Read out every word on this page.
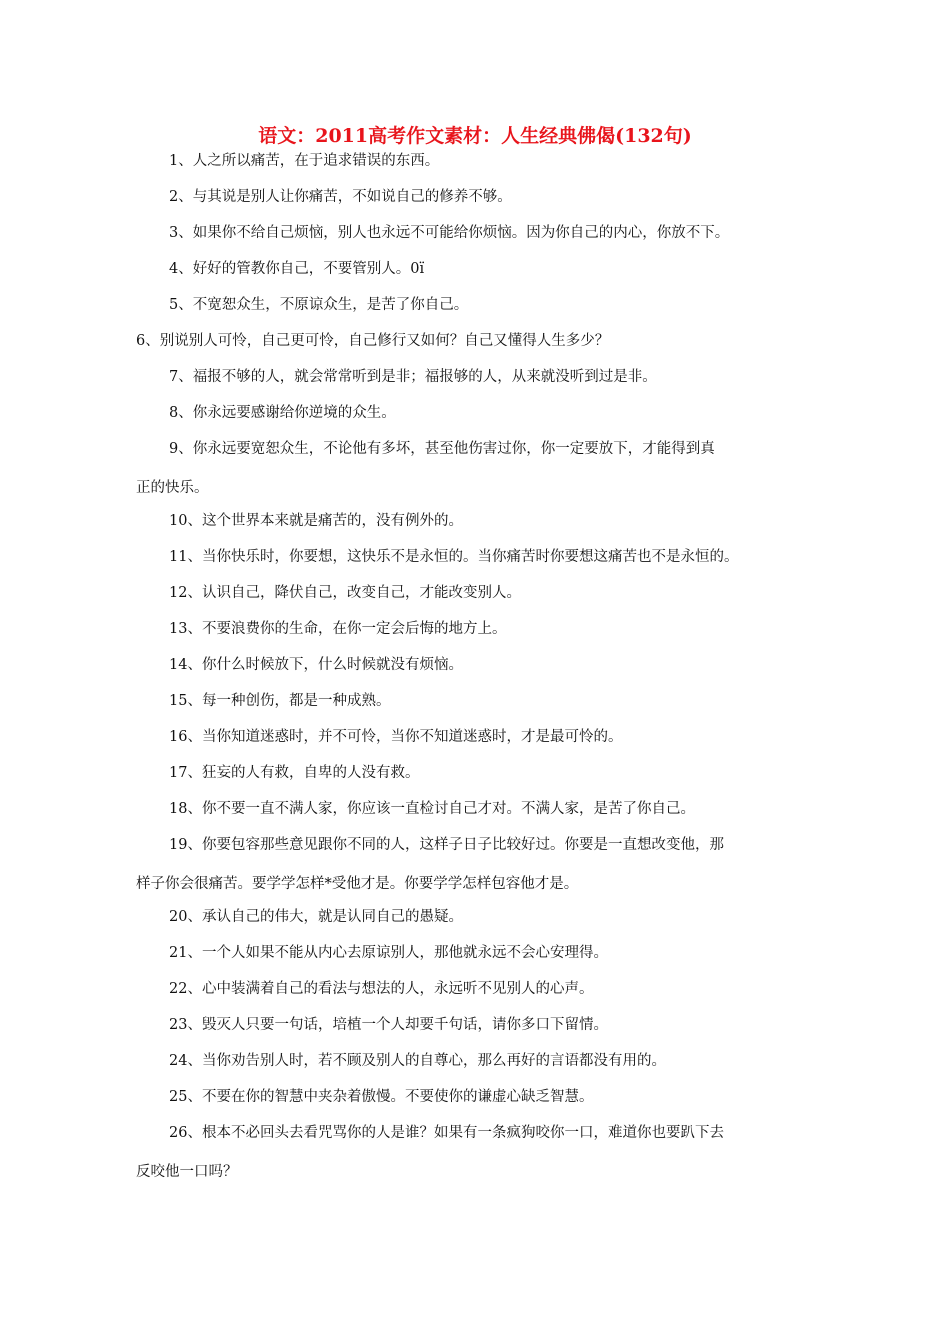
语文：2011高考作文素材：人生经典佛偈(132句)
1、人之所以痛苦，在于追求错误的东西。
2、与其说是别人让你痛苦，不如说自己的修养不够。
3、如果你不给自己烦恼，别人也永远不可能给你烦恼。因为你自己的内心，你放不下。
4、好好的管教你自己，不要管别人。0ï
5、不宽恕众生，不原谅众生，是苦了你自己。
6、别说别人可怜，自己更可怜，自己修行又如何？自己又懂得人生多少？
7、福报不够的人，就会常常听到是非；福报够的人，从来就没听到过是非。
8、你永远要感谢给你逆境的众生。
9、你永远要宽恕众生，不论他有多坏，甚至他伤害过你，你一定要放下，才能得到真
正的快乐。
10、这个世界本来就是痛苦的，没有例外的。
11、当你快乐时，你要想，这快乐不是永恒的。当你痛苦时你要想这痛苦也不是永恒的。
12、认识自己，降伏自己，改变自己，才能改变别人。
13、不要浪费你的生命，在你一定会后悔的地方上。
14、你什么时候放下，什么时候就没有烦恼。
15、每一种创伤，都是一种成熟。
16、当你知道迷惑时，并不可怜，当你不知道迷惑时，才是最可怜的。
17、狂妄的人有救，自卑的人没有救。
18、你不要一直不满人家，你应该一直检讨自己才对。不满人家，是苦了你自己。
19、你要包容那些意见跟你不同的人，这样子日子比较好过。你要是一直想改变他，那
样子你会很痛苦。要学学怎样*受他才是。你要学学怎样包容他才是。
20、承认自己的伟大，就是认同自己的愚疑。
21、一个人如果不能从内心去原谅别人，那他就永远不会心安理得。
22、心中装满着自己的看法与想法的人，永远听不见别人的心声。
23、毁灭人只要一句话，培植一个人却要千句话，请你多口下留情。
24、当你劝告别人时，若不顾及别人的自尊心，那么再好的言语都没有用的。
25、不要在你的智慧中夹杂着傲慢。不要使你的谦虚心缺乏智慧。
26、根本不必回头去看咒骂你的人是谁？如果有一条疯狗咬你一口，难道你也要趴下去
反咬他一口吗？
